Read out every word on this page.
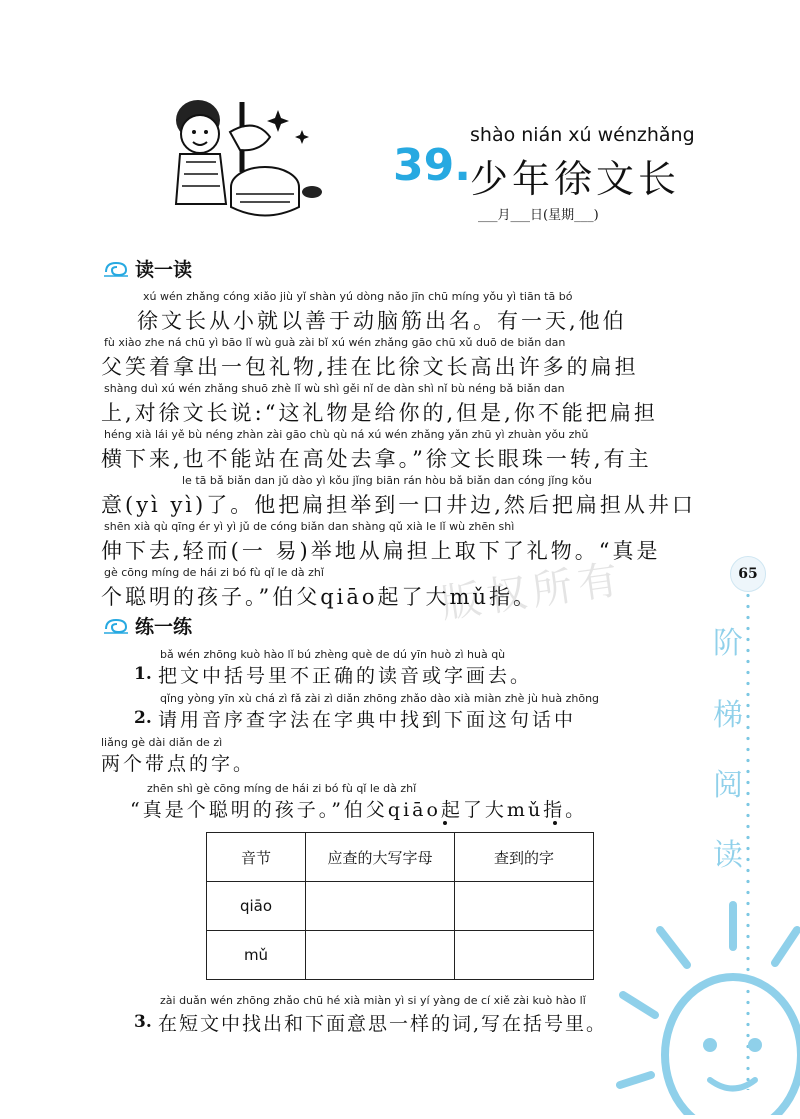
shào nián xú wénzhǎng
39. 少年徐文长
___月___日(星期___)
版权所有
读一读
xú wén zhǎng cóng xiǎo jiù yǐ shàn yú dòng nǎo jīn chū míng yǒu yì tiān tā bó
徐文长从小就以善于动脑筋出名。有一天,他伯
fù xiào zhe ná chū yì bāo lǐ wù guà zài bǐ xú wén zhǎng gāo chū xǔ duō de biǎn dan
父笑着拿出一包礼物,挂在比徐文长高出许多的扁担
shàng duì xú wén zhǎng shuō zhè lǐ wù shì gěi nǐ de dàn shì nǐ bù néng bǎ biǎn dan
上,对徐文长说:“这礼物是给你的,但是,你不能把扁担
héng xià lái yě bù néng zhàn zài gāo chù qù ná xú wén zhǎng yǎn zhū yì zhuàn yǒu zhǔ
横下来,也不能站在高处去拿。”徐文长眼珠一转,有主
le tā bǎ biǎn dan jǔ dào yì kǒu jǐng biān rán hòu bǎ biǎn dan cóng jǐng kǒu
意(yì yì)了。他把扁担举到一口井边,然后把扁担从井口
shēn xià qù qīng ér yì yì jǔ de cóng biǎn dan shàng qǔ xià le lǐ wù zhēn shì
伸下去,轻而(一 易)举地从扁担上取下了礼物。“真是
gè cōng míng de hái zi bó fù qǐ le dà zhǐ
个聪明的孩子。”伯父qiāo起了大mǔ指。
练一练
bǎ wén zhōng kuò hào lǐ bú zhèng què de dú yīn huò zì huà qù
1. 把文中括号里不正确的读音或字画去。
qǐng yòng yīn xù chá zì fǎ zài zì diǎn zhōng zhǎo dào xià miàn zhè jù huà zhōng
2. 请用音序查字法在字典中找到下面这句话中
liǎng gè dài diǎn de zì
两个带点的字。
zhēn shì gè cōng míng de hái zi bó fù qǐ le dà zhǐ
“真是个聪明的孩子。”伯父qiāo起了大mǔ指。
音节	应查的大写字母	查到的字
qiāo		
mǔ		
zài duǎn wén zhōng zhǎo chū hé xià miàn yì si yí yàng de cí xiě zài kuò hào lǐ
3. 在短文中找出和下面意思一样的词,写在括号里。
65
阶
梯
阅
读
